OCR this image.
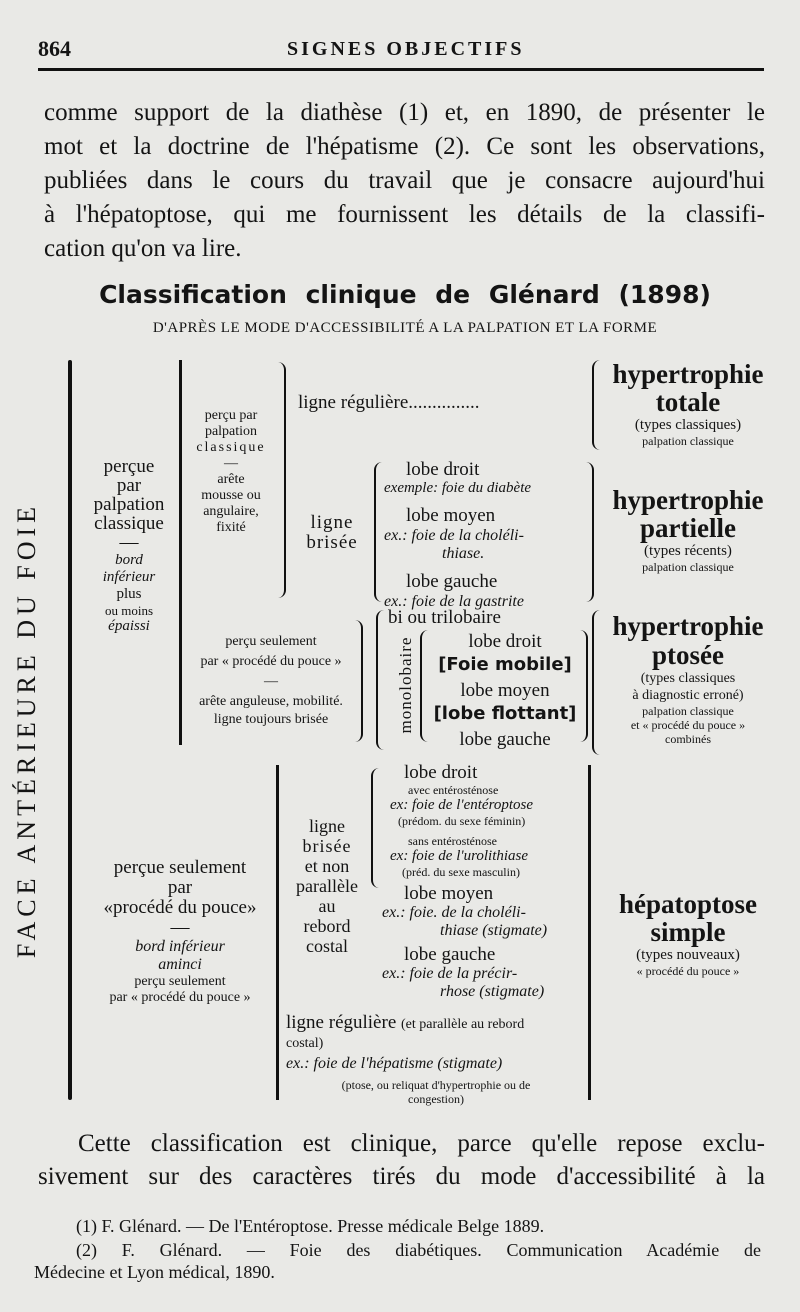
864	SIGNES OBJECTIFS
comme support de la diathèse (1) et, en 1890, de présenter le
mot et la doctrine de l'hépatisme (2). Ce sont les observations,
publiées dans le cours du travail que je consacre aujourd'hui
à l'hépatoptose, qui me fournissent les détails de la classifi-
cation qu'on va lire.
Classification clinique de Glénard (1898)
D'APRÈS LE MODE D'ACCESSIBILITÉ A LA PALPATION ET LA FORME
FACE ANTÉRIEURE DU FOIE
perçue
par
palpation
classique
—
bord
inférieur
plus
ou moins
épaissi
perçu par
palpation
classique
—
arête
mousse ou
angulaire,
fixité
ligne régulière...............
ligne
brisée
lobe droit
exemple: foie du diabète
lobe moyen
ex.: foie de la choléli-
thiase.
lobe gauche
ex.: foie de la gastrite
hypertrophie
totale
(types classiques)
palpation classique
hypertrophie
partielle
(types récents)
palpation classique
perçu seulement
par « procédé du pouce »
—
arête anguleuse, mobilité.
ligne toujours brisée
bi ou trilobaire
monolobaire	lobe droit
[Foie mobile]
lobe moyen
[lobe flottant]
lobe gauche
hypertrophie
ptosée
(types classiques
à diagnostic erroné)
palpation classique
et « procédé du pouce »
combinés
perçue seulement
par
«procédé du pouce»
—
bord inférieur
aminci
perçu seulement
par « procédé du pouce »
ligne
brisée
et non
parallèle
au
rebord
costal
lobe droit
avec entérosténose
ex: foie de l'entéroptose
(prédom. du sexe féminin)
sans entérosténose
ex: foie de l'urolithiase
(préd. du sexe masculin)
lobe moyen
ex.: foie. de la choléli-
thiase (stigmate)
lobe gauche
ex.: foie de la précir-
rhose (stigmate)
ligne régulière (et parallèle au rebord
costal)
ex.: foie de l'hépatisme (stigmate)
(ptose, ou reliquat d'hypertrophie ou de
congestion)
hépatoptose
simple
(types nouveaux)
« procédé du pouce »
Cette classification est clinique, parce qu'elle repose exclu-
sivement sur des caractères tirés du mode d'accessibilité à la
(1) F. Glénard. — De l'Entéroptose. Presse médicale Belge 1889.
(2) F. Glénard. — Foie des diabétiques. Communication Académie de
Médecine et Lyon médical, 1890.
